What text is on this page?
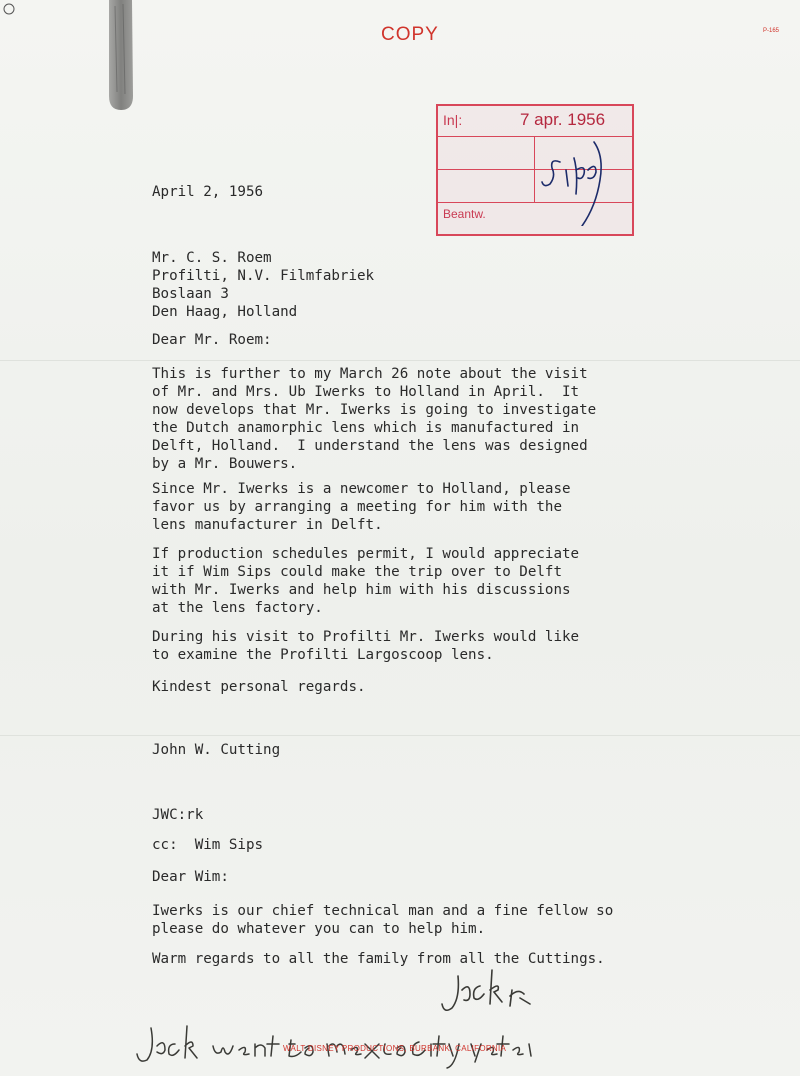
COPY	P-165
In|:	7 apr. 1956
Beantw.
April 2, 1956
Mr. C. S. Roem
Profilti, N.V. Filmfabriek
Boslaan 3
Den Haag, Holland
Dear Mr. Roem:
This is further to my March 26 note about the visit
of Mr. and Mrs. Ub Iwerks to Holland in April.  It
now develops that Mr. Iwerks is going to investigate
the Dutch anamorphic lens which is manufactured in
Delft, Holland.  I understand the lens was designed
by a Mr. Bouwers.
Since Mr. Iwerks is a newcomer to Holland, please
favor us by arranging a meeting for him with the
lens manufacturer in Delft.
If production schedules permit, I would appreciate
it if Wim Sips could make the trip over to Delft
with Mr. Iwerks and help him with his discussions
at the lens factory.
During his visit to Profilti Mr. Iwerks would like
to examine the Profilti Largoscoop lens.
Kindest personal regards.
John W. Cutting
JWC:rk
cc:  Wim Sips
Dear Wim:
Iwerks is our chief technical man and a fine fellow so
please do whatever you can to help him.
Warm regards to all the family from all the Cuttings.
WALT DISNEY PRODUCTIONS, BURBANK, CALIFORNIA
